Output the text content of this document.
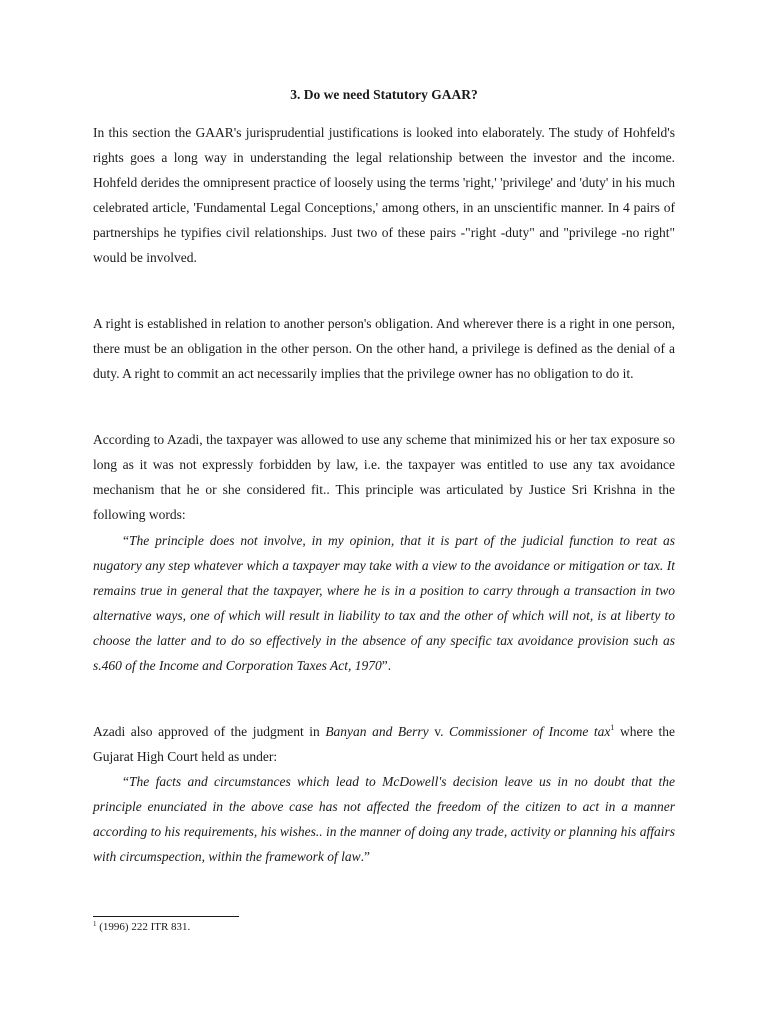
3. Do we need Statutory GAAR?

In this section the GAAR's jurisprudential justifications is looked into elaborately. The study of Hohfeld's rights goes a long way in understanding the legal relationship between the investor and the income. Hohfeld derides the omnipresent practice of loosely using the terms 'right,' 'privilege' and 'duty' in his much celebrated article, 'Fundamental Legal Conceptions,' among others, in an unscientific manner. In 4 pairs of partnerships he typifies civil relationships. Just two of these pairs -"right -duty" and "privilege -no right" would be involved.

A right is established in relation to another person's obligation. And wherever there is a right in one person, there must be an obligation in the other person. On the other hand, a privilege is defined as the denial of a duty. A right to commit an act necessarily implies that the privilege owner has no obligation to do it.

According to Azadi, the taxpayer was allowed to use any scheme that minimized his or her tax exposure so long as it was not expressly forbidden by law, i.e. the taxpayer was entitled to use any tax avoidance mechanism that he or she considered fit.. This principle was articulated by Justice Sri Krishna in the following words:

“The principle does not involve, in my opinion, that it is part of the judicial function to reat as nugatory any step whatever which a taxpayer may take with a view to the avoidance or mitigation or tax. It remains true in general that the taxpayer, where he is in a position to carry through a transaction in two alternative ways, one of which will result in liability to tax and the other of which will not, is at liberty to choose the latter and to do so effectively in the absence of any specific tax avoidance provision such as s.460 of the Income and Corporation Taxes Act, 1970”.

Azadi also approved of the judgment in Banyan and Berry v. Commissioner of Income tax$^1$ where the Gujarat High Court held as under:

“The facts and circumstances which lead to McDowell's decision leave us in no doubt that the principle enunciated in the above case has not affected the freedom of the citizen to act in a manner according to his requirements, his wishes.. in the manner of doing any trade, activity or planning his affairs with circumspection, within the framework of law.”

$^1$ (1996) 222 ITR 831.
